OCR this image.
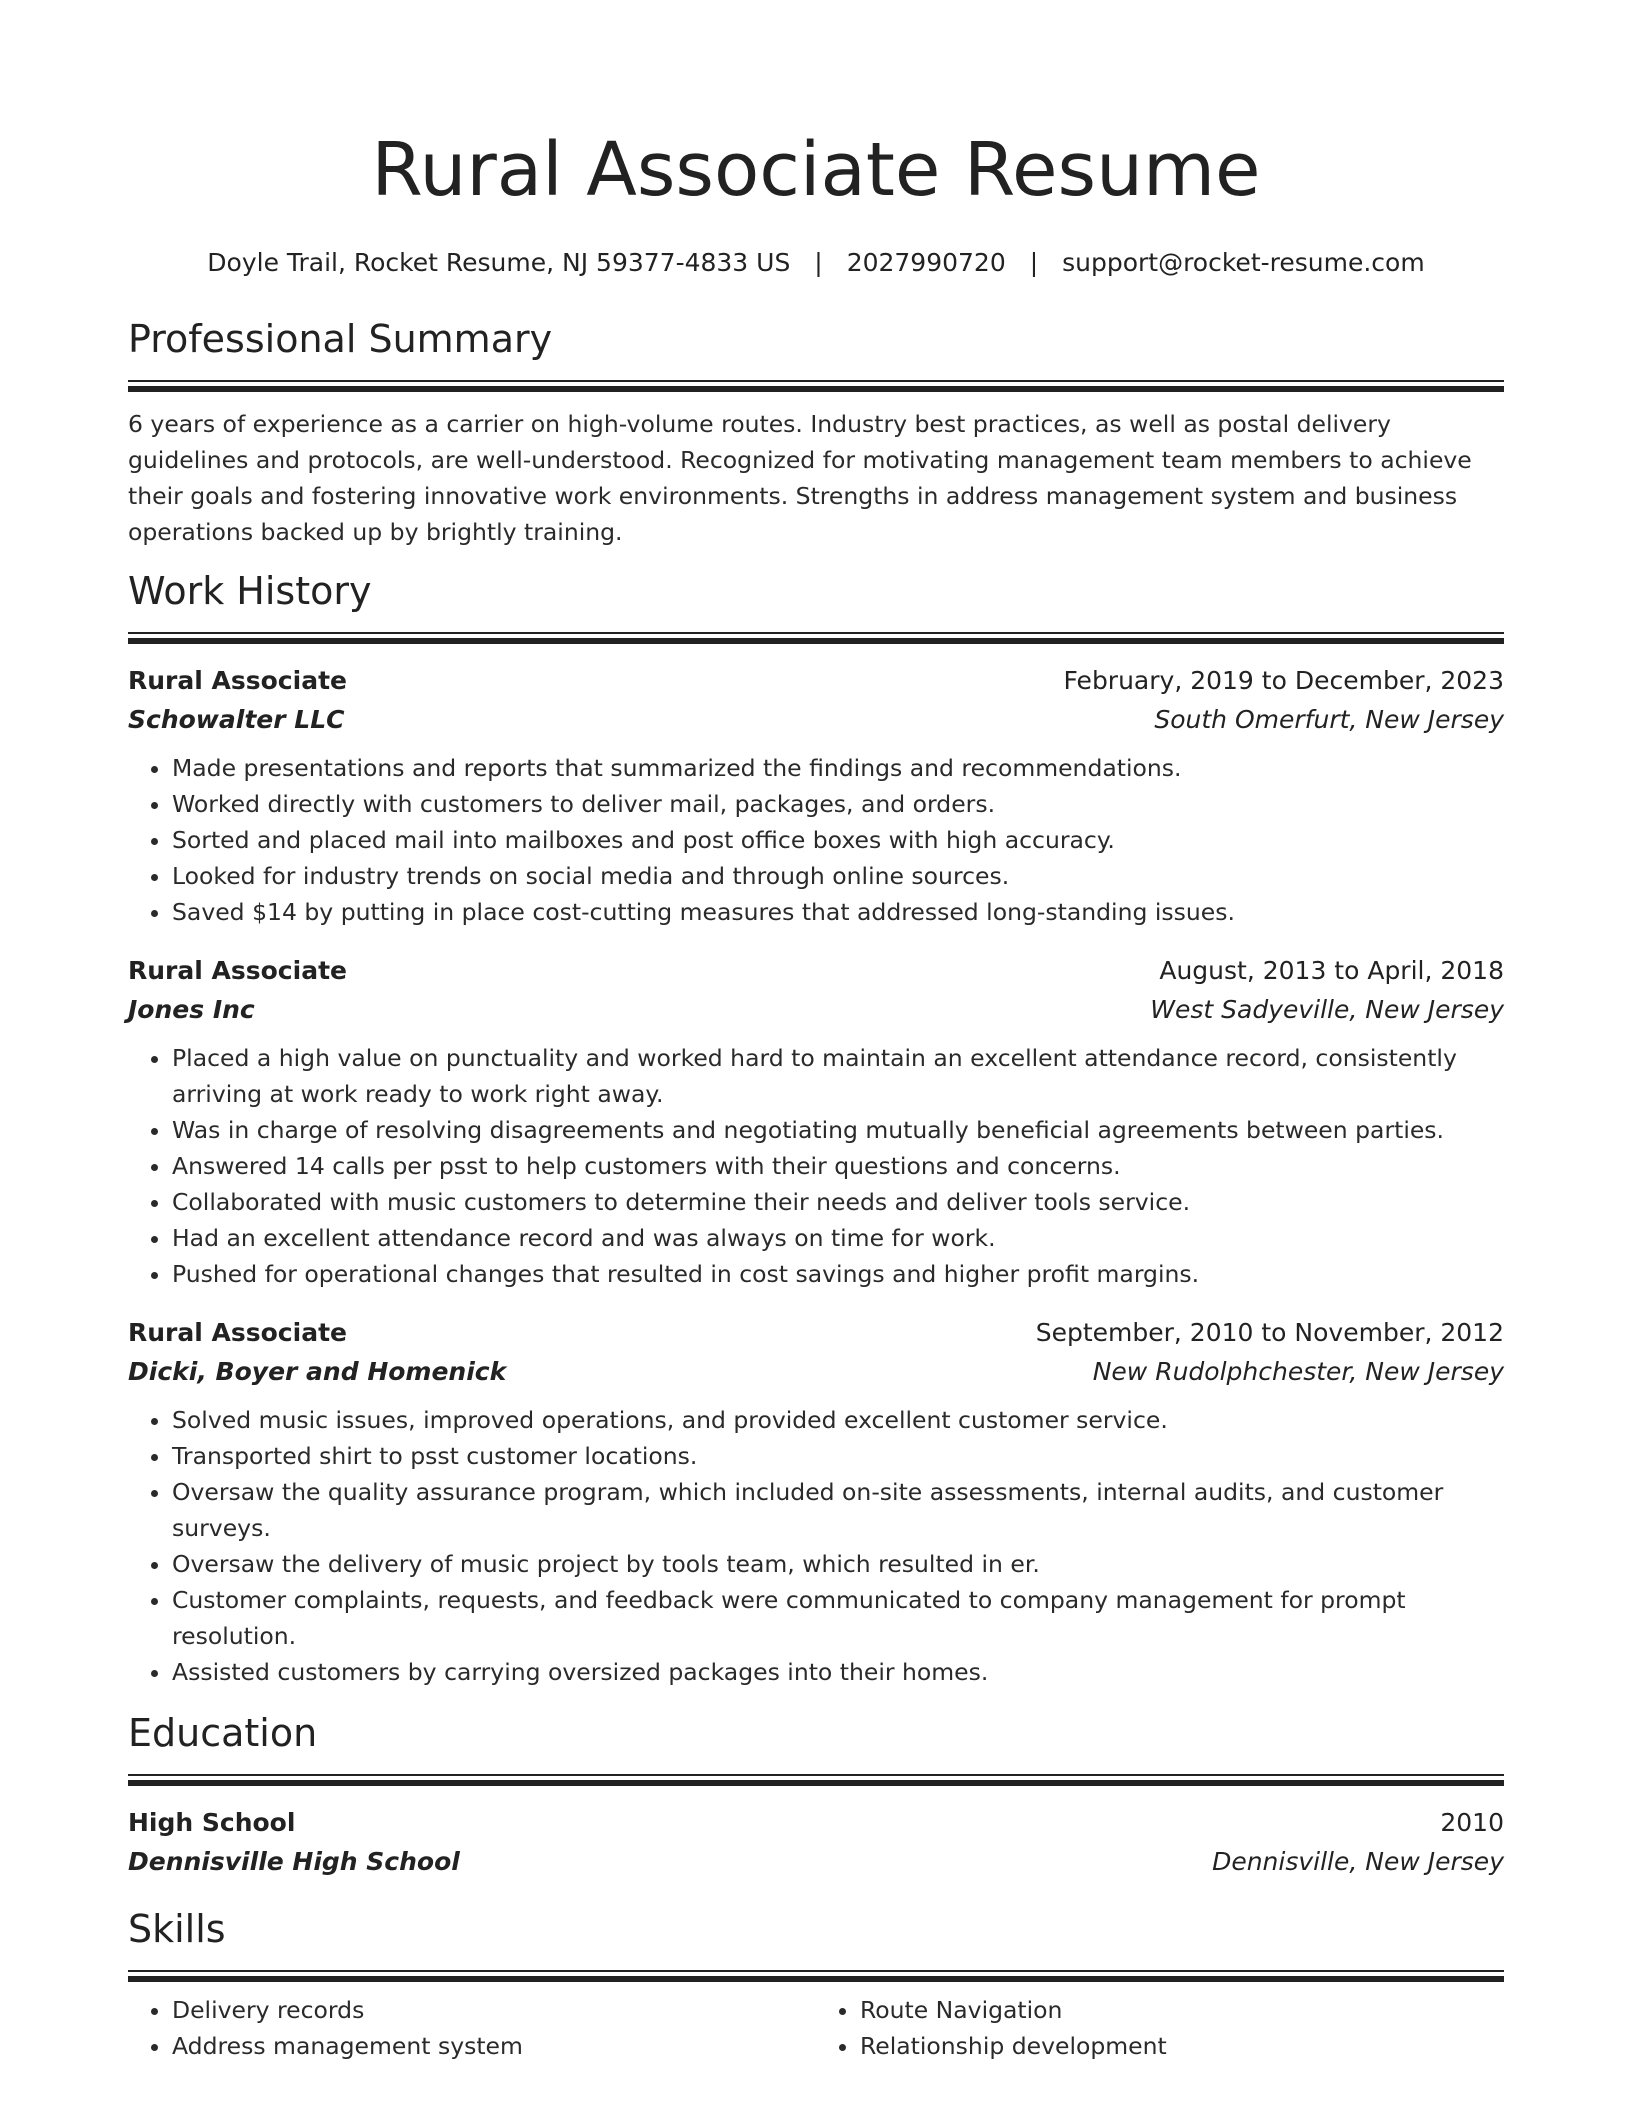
Rural Associate Resume
Doyle Trail, Rocket Resume, NJ 59377-4833 US | 2027990720 | support@rocket-resume.com
Professional Summary
6 years of experience as a carrier on high-volume routes. Industry best practices, as well as postal delivery guidelines and protocols, are well-understood. Recognized for motivating management team members to achieve their goals and fostering innovative work environments. Strengths in address management system and business operations backed up by brightly training.
Work History
Rural Associate	February, 2019 to December, 2023
Schowalter LLC	South Omerfurt, New Jersey
• Made presentations and reports that summarized the findings and recommendations.
• Worked directly with customers to deliver mail, packages, and orders.
• Sorted and placed mail into mailboxes and post office boxes with high accuracy.
• Looked for industry trends on social media and through online sources.
• Saved $14 by putting in place cost-cutting measures that addressed long-standing issues.
Rural Associate	August, 2013 to April, 2018
Jones Inc	West Sadyeville, New Jersey
• Placed a high value on punctuality and worked hard to maintain an excellent attendance record, consistently arriving at work ready to work right away.
• Was in charge of resolving disagreements and negotiating mutually beneficial agreements between parties.
• Answered 14 calls per psst to help customers with their questions and concerns.
• Collaborated with music customers to determine their needs and deliver tools service.
• Had an excellent attendance record and was always on time for work.
• Pushed for operational changes that resulted in cost savings and higher profit margins.
Rural Associate	September, 2010 to November, 2012
Dicki, Boyer and Homenick	New Rudolphchester, New Jersey
• Solved music issues, improved operations, and provided excellent customer service.
• Transported shirt to psst customer locations.
• Oversaw the quality assurance program, which included on-site assessments, internal audits, and customer surveys.
• Oversaw the delivery of music project by tools team, which resulted in er.
• Customer complaints, requests, and feedback were communicated to company management for prompt resolution.
• Assisted customers by carrying oversized packages into their homes.
Education
High School	2010
Dennisville High School	Dennisville, New Jersey
Skills
• Delivery records
• Address management system
• Route Navigation
• Relationship development
